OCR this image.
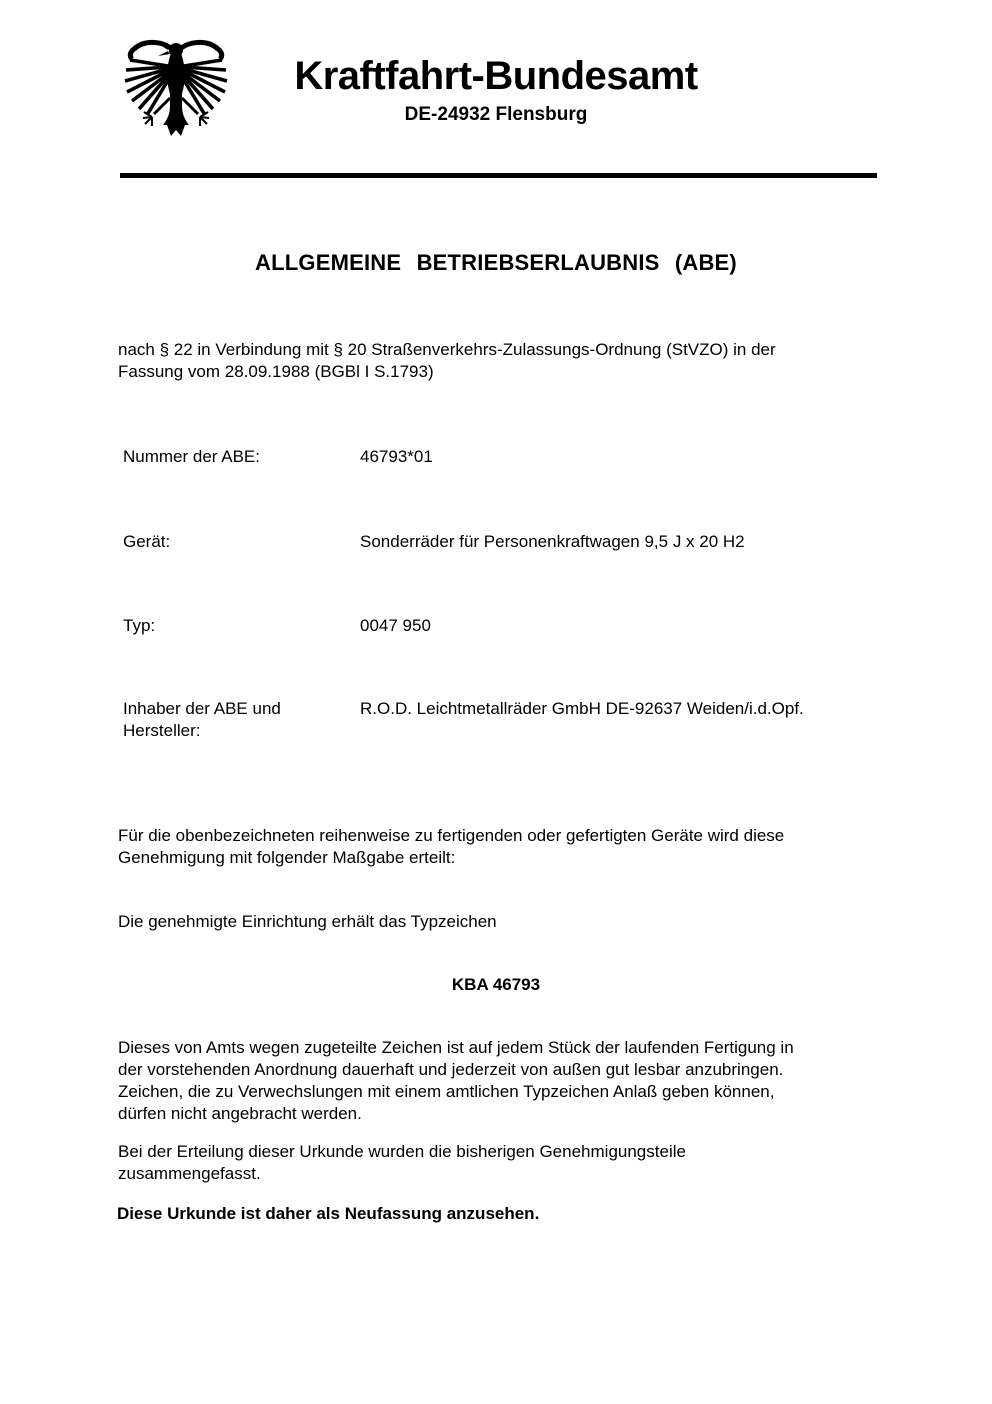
Kraftfahrt-Bundesamt
DE-24932 Flensburg
ALLGEMEINE BETRIEBSERLAUBNIS (ABE)

nach § 22 in Verbindung mit § 20 Straßenverkehrs-Zulassungs-Ordnung (StVZO) in der
Fassung vom 28.09.1988 (BGBl I S.1793)

Nummer der ABE:	46793*01
Gerät:	Sonderräder für Personenkraftwagen 9,5 J x 20 H2
Typ:	0047 950
Inhaber der ABE und Hersteller:
R.O.D. Leichtmetallräder GmbH DE-92637 Weiden/i.d.Opf.

Für die obenbezeichneten reihenweise zu fertigenden oder gefertigten Geräte wird diese
Genehmigung mit folgender Maßgabe erteilt:

Die genehmigte Einrichtung erhält das Typzeichen

KBA 46793

Dieses von Amts wegen zugeteilte Zeichen ist auf jedem Stück der laufenden Fertigung in
der vorstehenden Anordnung dauerhaft und jederzeit von außen gut lesbar anzubringen.
Zeichen, die zu Verwechslungen mit einem amtlichen Typzeichen Anlaß geben können,
dürfen nicht angebracht werden.

Bei der Erteilung dieser Urkunde wurden die bisherigen Genehmigungsteile
zusammengefasst.

Diese Urkunde ist daher als Neufassung anzusehen.
